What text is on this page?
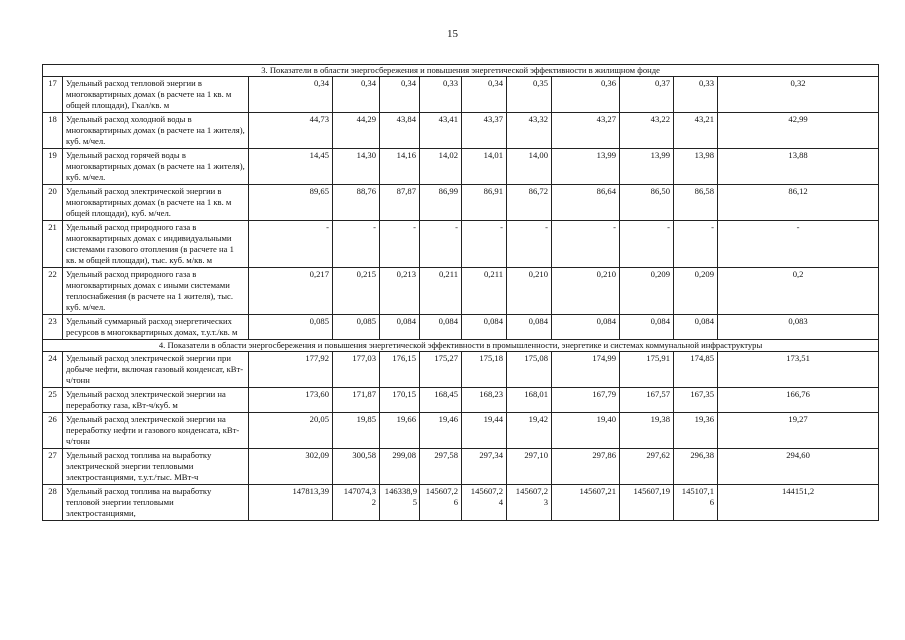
15
3. Показатели в области энергосбережения и повышения энергетической эффективности в жилищном фонде											
17	Удельный расход тепловой энергии в многоквартирных домах (в расчете на 1 кв. м общей площади), Гкал/кв. м	0,34	0,34	0,34	0,33	0,34	0,35	0,36	0,37	0,33	0,32
18	Удельный расход холодной воды в многоквартирных домах (в расчете на 1 жителя), куб. м/чел.	44,73	44,29	43,84	43,41	43,37	43,32	43,27	43,22	43,21	42,99
19	Удельный расход горячей воды в многоквартирных домах (в расчете на 1 жителя), куб. м/чел.	14,45	14,30	14,16	14,02	14,01	14,00	13,99	13,99	13,98	13,88
20	Удельный расход электрической энергии в многоквартирных домах (в расчете на 1 кв. м общей площади), куб. м/чел.	89,65	88,76	87,87	86,99	86,91	86,72	86,64	86,50	86,58	86,12
21	Удельный расход природного газа в многоквартирных домах с индивидуальными системами газового отопления (в расчете на 1 кв. м общей площади), тыс. куб. м/кв. м	-	-	-	-	-	-	-	-	-	-
22	Удельный расход природного газа в многоквартирных домах с иными системами теплоснабжения (в расчете на 1 жителя), тыс. куб. м/чел.	0,217	0,215	0,213	0,211	0,211	0,210	0,210	0,209	0,209	0,2
23	Удельный суммарный расход энергетических ресурсов в многоквартирных домах, т.у.т./кв. м	0,085	0,085	0,084	0,084	0,084	0,084	0,084	0,084	0,084	0,083
4. Показатели в области энергосбережения и повышения энергетической эффективности в промышленности, энергетике и системах коммунальной инфраструктуры											
24	Удельный расход электрической энергии при добыче нефти, включая газовый конденсат, кВт-ч/тонн	177,92	177,03	176,15	175,27	175,18	175,08	174,99	175,91	174,85	173,51
25	Удельный расход электрической энергии на переработку газа, кВт-ч/куб. м	173,60	171,87	170,15	168,45	168,23	168,01	167,79	167,57	167,35	166,76
26	Удельный расход электрической энергии на переработку нефти и газового конденсата, кВт-ч/тонн	20,05	19,85	19,66	19,46	19,44	19,42	19,40	19,38	19,36	19,27
27	Удельный расход топлива на выработку электрической энергии тепловыми электростанциями, т.у.т./тыс. МВт-ч	302,09	300,58	299,08	297,58	297,34	297,10	297,86	297,62	296,38	294,60
28	Удельный расход топлива на выработку тепловой энергии тепловыми электростанциями,	147813,39	147074,32	146338,95	145607,26	145607,24	145607,23	145607,21	145607,19	145107,16	144151,2
